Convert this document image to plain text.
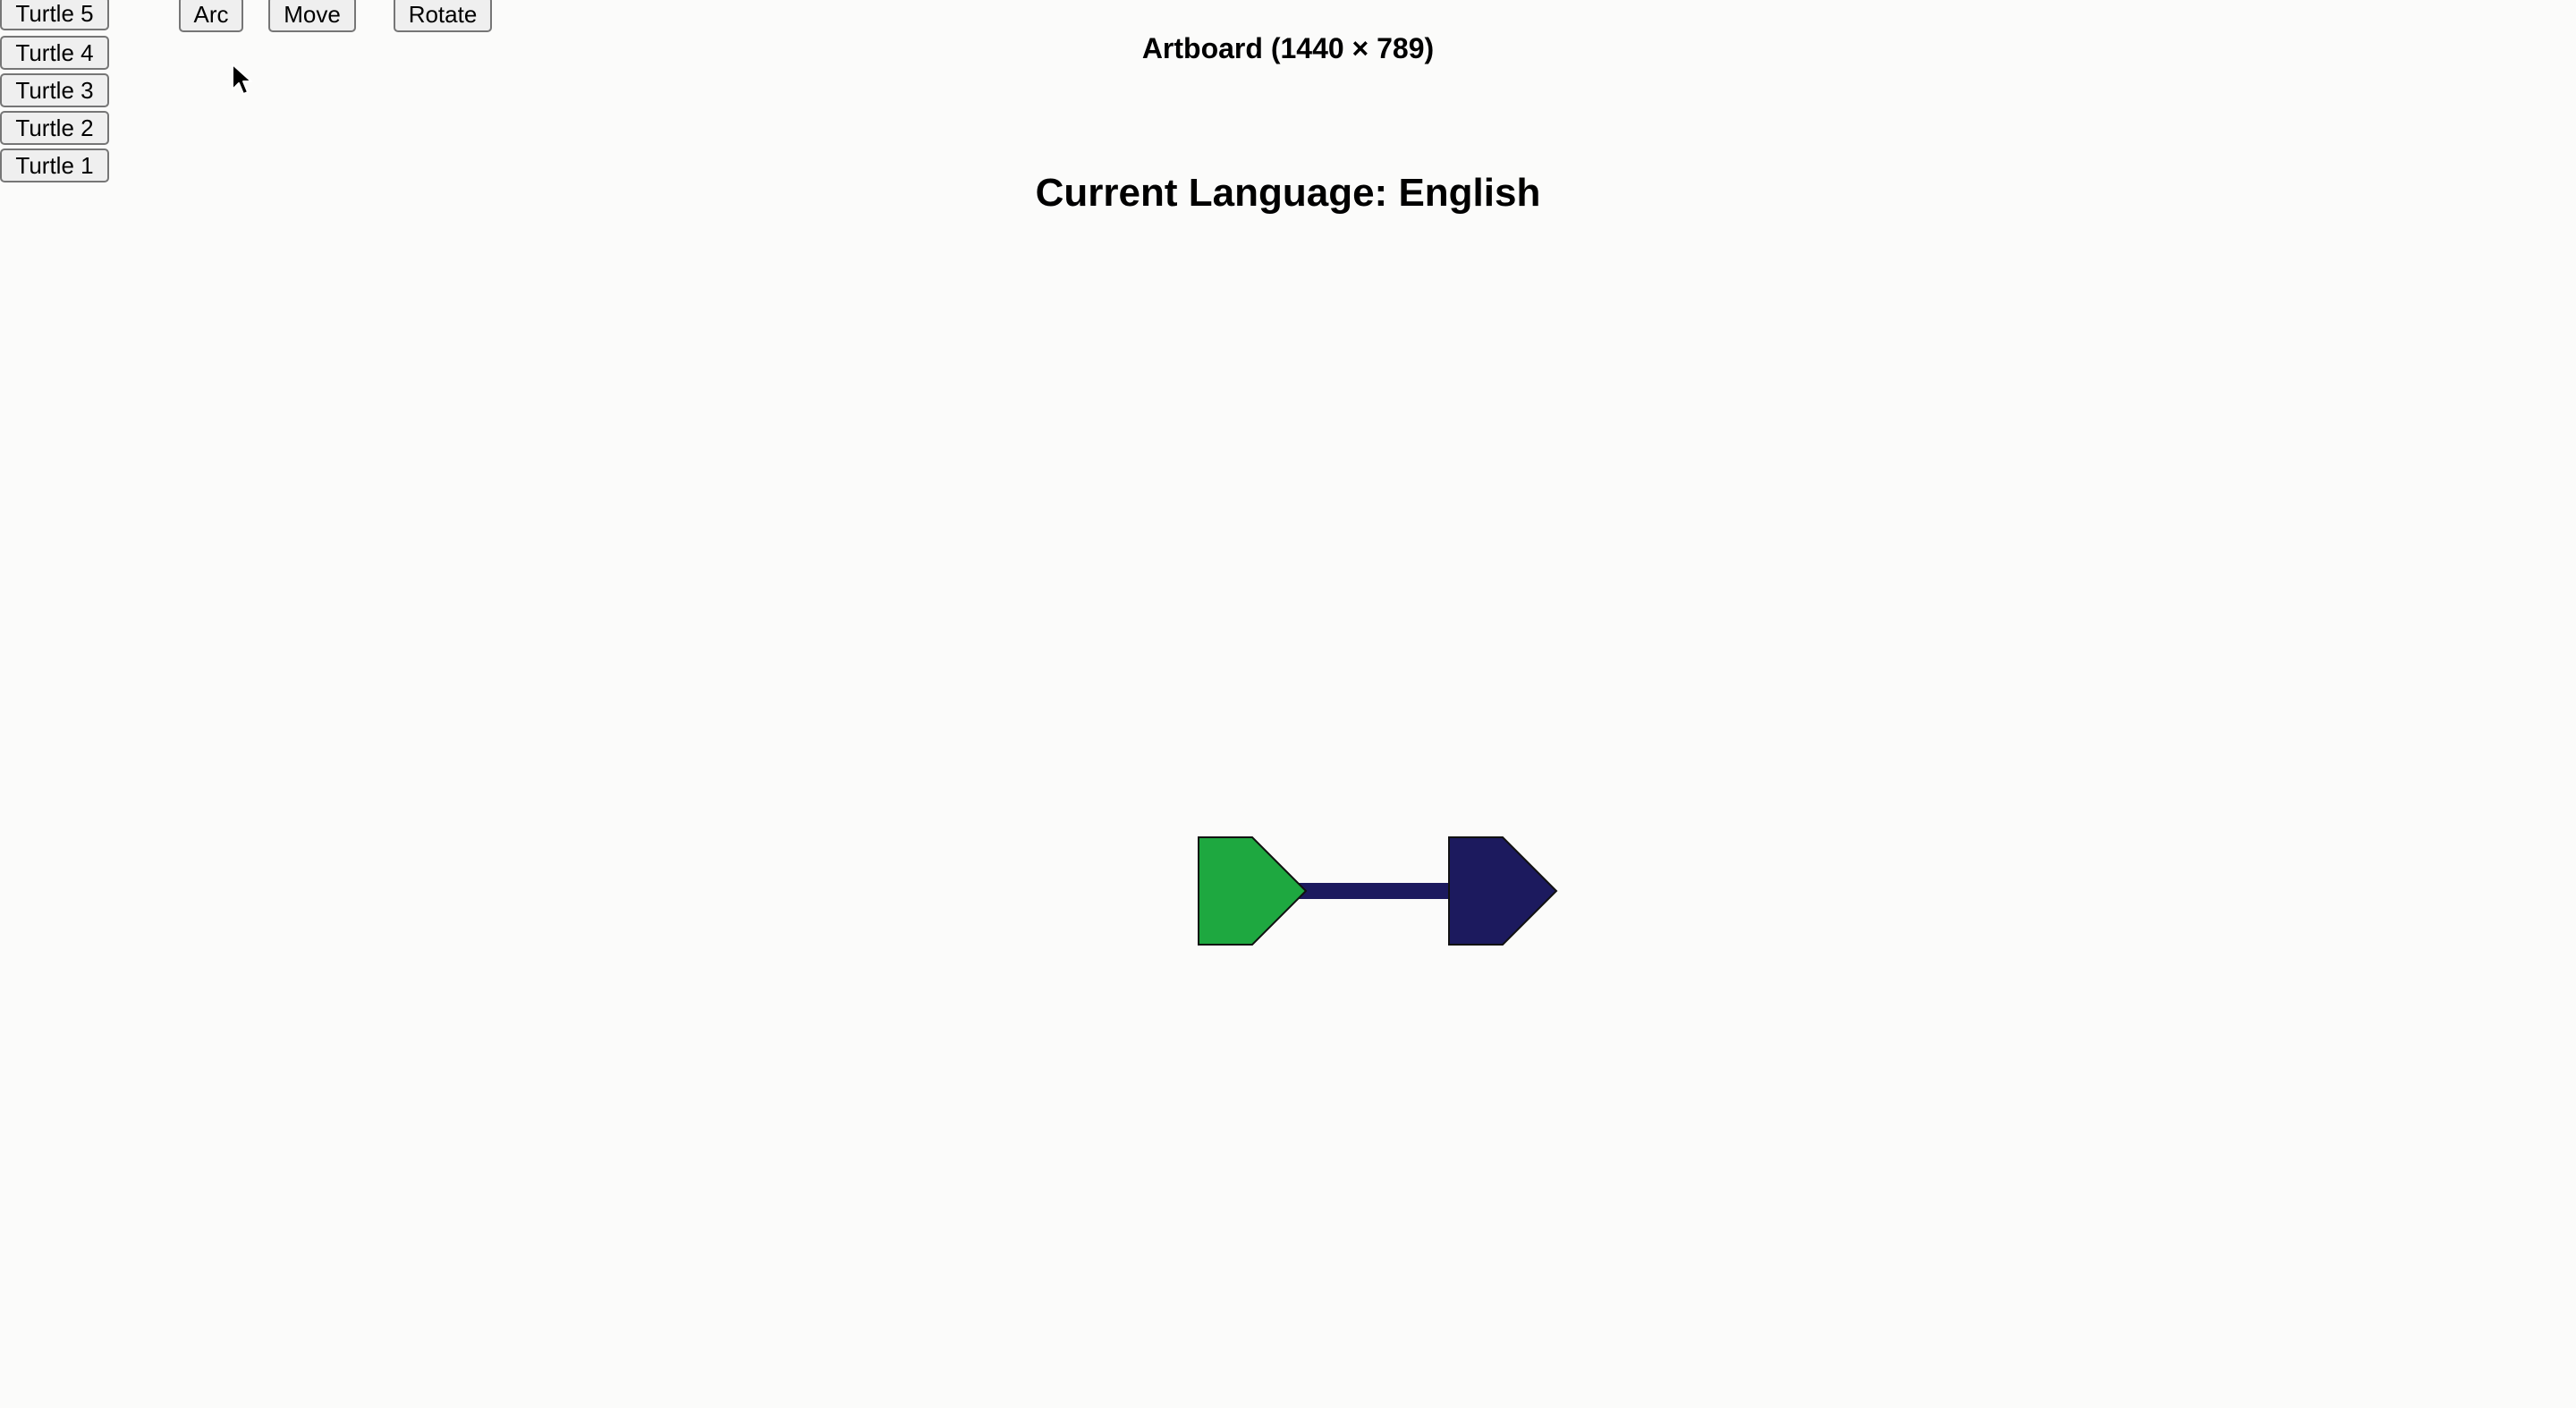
Turtle 5
Turtle 4
Turtle 3
Turtle 2
Turtle 1
Arc	Move	Rotate
Artboard (1440 × 789)
Current Language: English
